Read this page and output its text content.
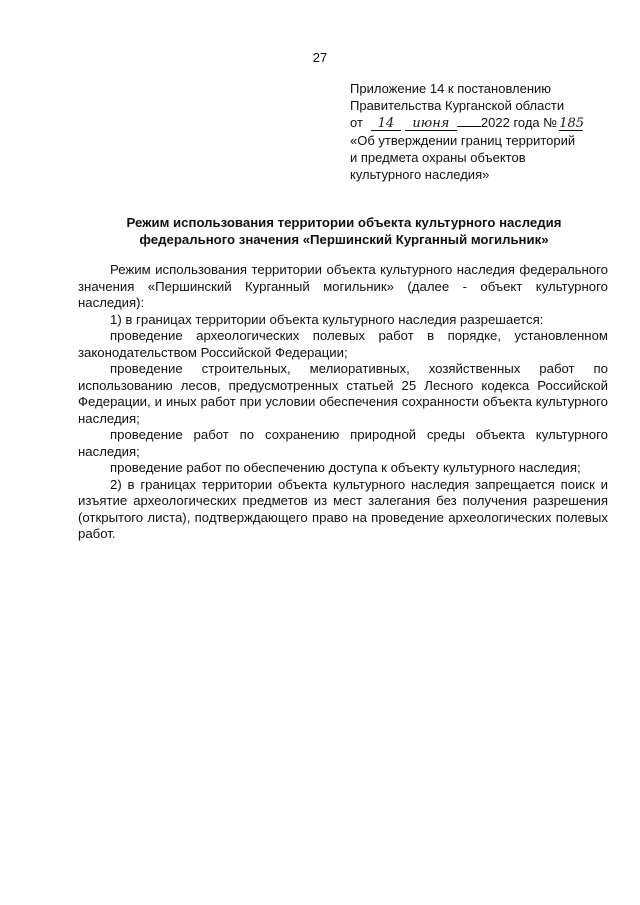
27
Приложение 14 к постановлению
Правительства Курганской области
от 14 июня 2022 года № 185
«Об утверждении границ территорий
и предмета охраны объектов
культурного наследия»
Режим использования территории объекта культурного наследия
федерального значения «Першинский Курганный могильник»

Режим использования территории объекта культурного наследия федерального значения «Першинский Курганный могильник» (далее - объект культурного наследия):

1) в границах территории объекта культурного наследия разрешается:

проведение археологических полевых работ в порядке, установленном законодательством Российской Федерации;

проведение строительных, мелиоративных, хозяйственных работ по использованию лесов, предусмотренных статьей 25 Лесного кодекса Российской Федерации, и иных работ при условии обеспечения сохранности объекта культурного наследия;

проведение работ по сохранению природной среды объекта культурного наследия;

проведение работ по обеспечению доступа к объекту культурного наследия;

2) в границах территории объекта культурного наследия запрещается поиск и изъятие археологических предметов из мест залегания без получения разрешения (открытого листа), подтверждающего право на проведение археологических полевых работ.
